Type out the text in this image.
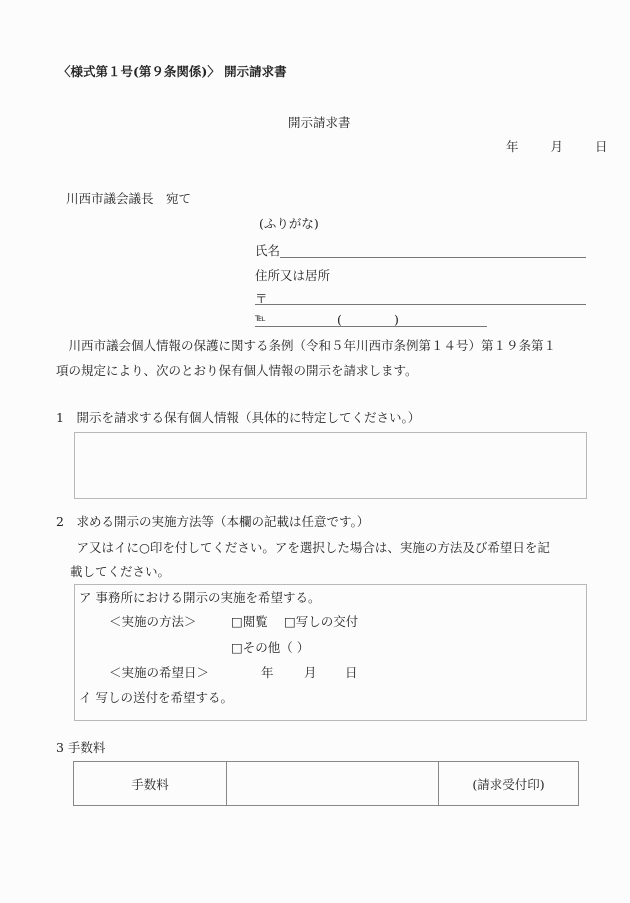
〈様式第１号(第９条関係)〉 開示請求書
開示請求書
年	月	日
川西市議会議長　宛て
(ふりがな)
氏名
住所又は居所
〒
℡	(	)
　川西市議会個人情報の保護に関する条例（令和５年川西市条例第１４号）第１９条第１
項の規定により、次のとおり保有個人情報の開示を請求します。
1　 開示を請求する保有個人情報（具体的に特定してください。）
2　 求める開示の実施方法等（本欄の記載は任意です。）
　ア又はイに○印を付してください。アを選択した場合は、実施の方法及び希望日を記
載してください。
ア 事務所における開示の実施を希望する。
＜実施の方法＞	□閲覧 □写しの交付
□その他（ ）
＜実施の希望日＞	年 月 日
イ 写しの送付を希望する。
3 手数料
手数料		(請求受付印)
